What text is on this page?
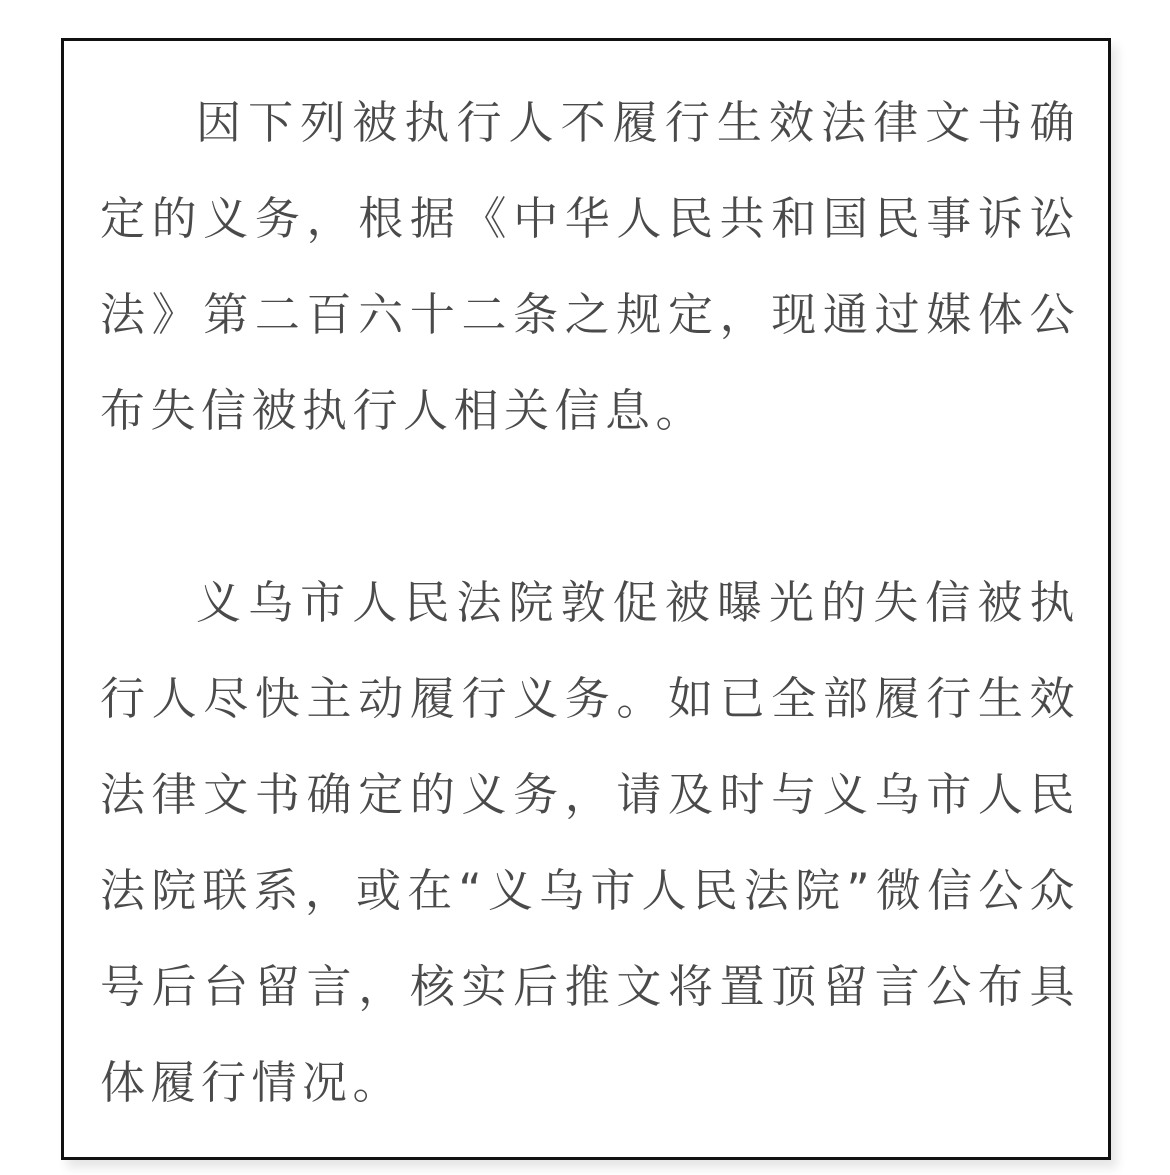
因下列被执行人不履行生效法律文书确定的义务，根据《中华人民共和国民事诉讼法》第二百六十二条之规定，现通过媒体公布失信被执行人相关信息。

义乌市人民法院敦促被曝光的失信被执行人尽快主动履行义务。如已全部履行生效法律文书确定的义务，请及时与义乌市人民法院联系，或在“义乌市人民法院”微信公众号后台留言，核实后推文将置顶留言公布具体履行情况。
